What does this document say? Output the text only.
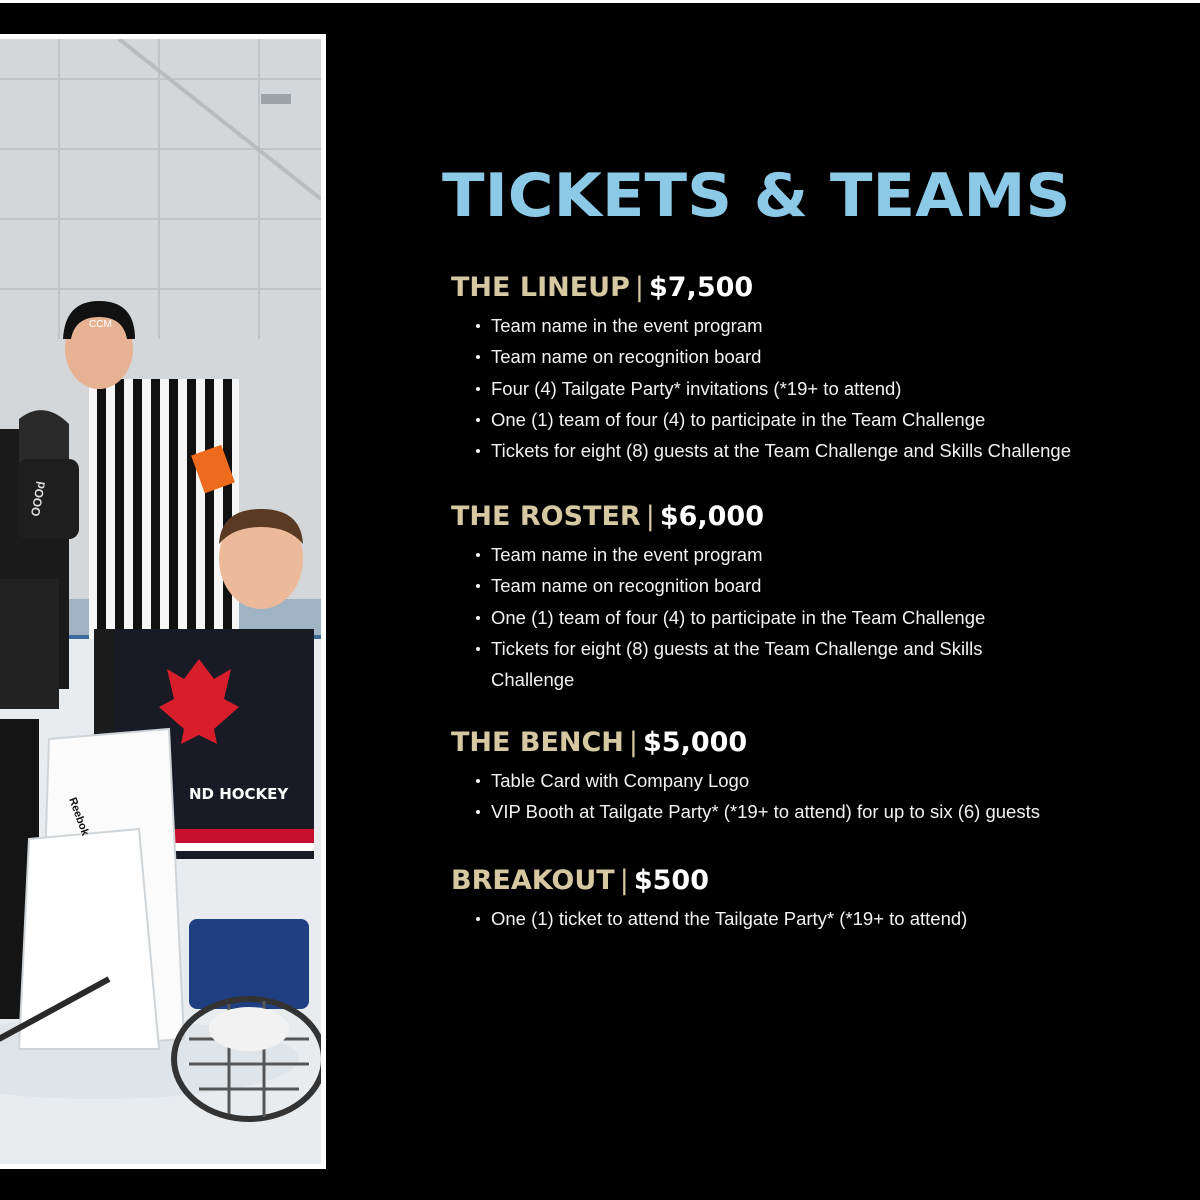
CCM
OOOd
ND HOCKEY
Reebok
TICKETS & TEAMS
THE LINEUP | $7,500
Team name in the event program
Team name on recognition board
Four (4) Tailgate Party* invitations (*19+ to attend)
One (1) team of four (4) to participate in the Team Challenge
Tickets for eight (8) guests at the Team Challenge and Skills Challenge
THE ROSTER | $6,000
Team name in the event program
Team name on recognition board
One (1) team of four (4) to participate in the Team Challenge
Tickets for eight (8) guests at the Team Challenge and Skills Challenge
THE BENCH | $5,000
Table Card with Company Logo
VIP Booth at Tailgate Party* (*19+ to attend) for up to six (6) guests
BREAKOUT | $500
One (1) ticket to attend the Tailgate Party* (*19+ to attend)
